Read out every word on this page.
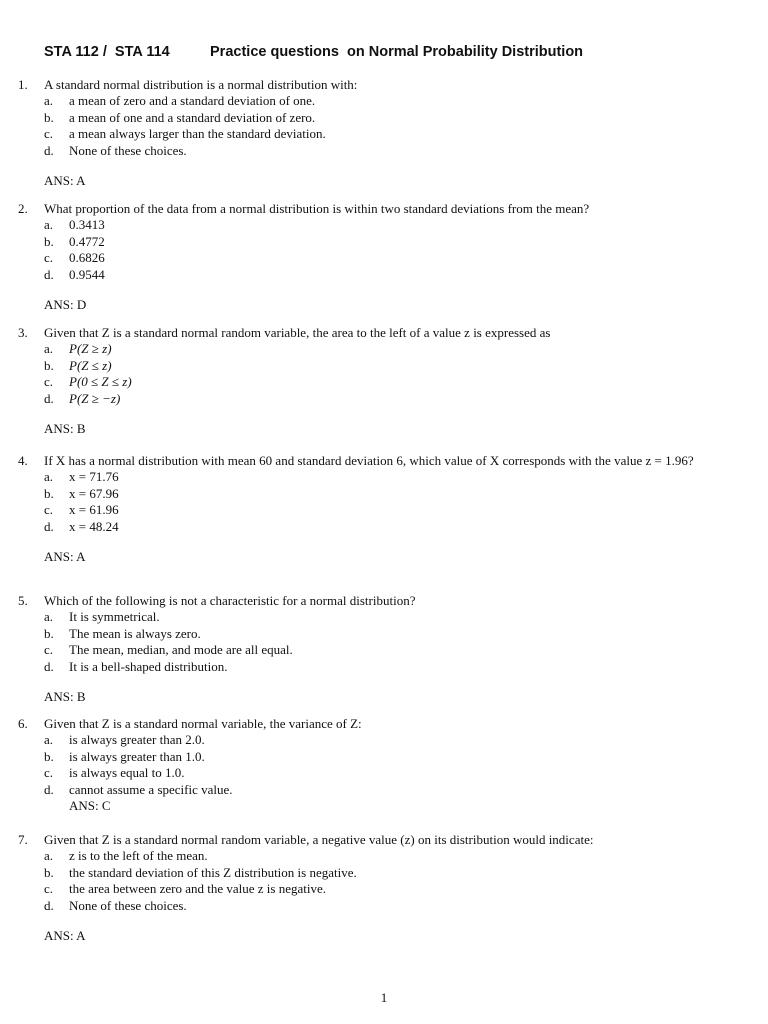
STA 112 /  STA 114          Practice questions  on Normal Probability Distribution
1.	A standard normal distribution is a normal distribution with:
a.	a mean of zero and a standard deviation of one.
b.	a mean of one and a standard deviation of zero.
c.	a mean always larger than the standard deviation.
d.	None of these choices.
ANS: A
2.	What proportion of the data from a normal distribution is within two standard deviations from the mean?
a.	0.3413
b.	0.4772
c.	0.6826
d.	0.9544
ANS: D
3.	Given that Z is a standard normal random variable, the area to the left of a value z is expressed as
a.	P(Z ≥ z)
b.	P(Z ≤ z)
c.	P(0 ≤ Z ≤ z)
d.	P(Z ≥ −z)
ANS: B
4.	If X has a normal distribution with mean 60 and standard deviation 6, which value of X corresponds with the value z = 1.96?
a.	x = 71.76
b.	x = 67.96
c.	x = 61.96
d.	x = 48.24
ANS: A
5.	Which of the following is not a characteristic for a normal distribution?
a.	It is symmetrical.
b.	The mean is always zero.
c.	The mean, median, and mode are all equal.
d.	It is a bell-shaped distribution.
ANS: B
6.	Given that Z is a standard normal variable, the variance of Z:
a.	is always greater than 2.0.
b.	is always greater than 1.0.
c.	is always equal to 1.0.
d.	cannot assume a specific value.
ANS: C
7.	Given that Z is a standard normal random variable, a negative value (z) on its distribution would indicate:
a.	z is to the left of the mean.
b.	the standard deviation of this Z distribution is negative.
c.	the area between zero and the value z is negative.
d.	None of these choices.
ANS: A
1
